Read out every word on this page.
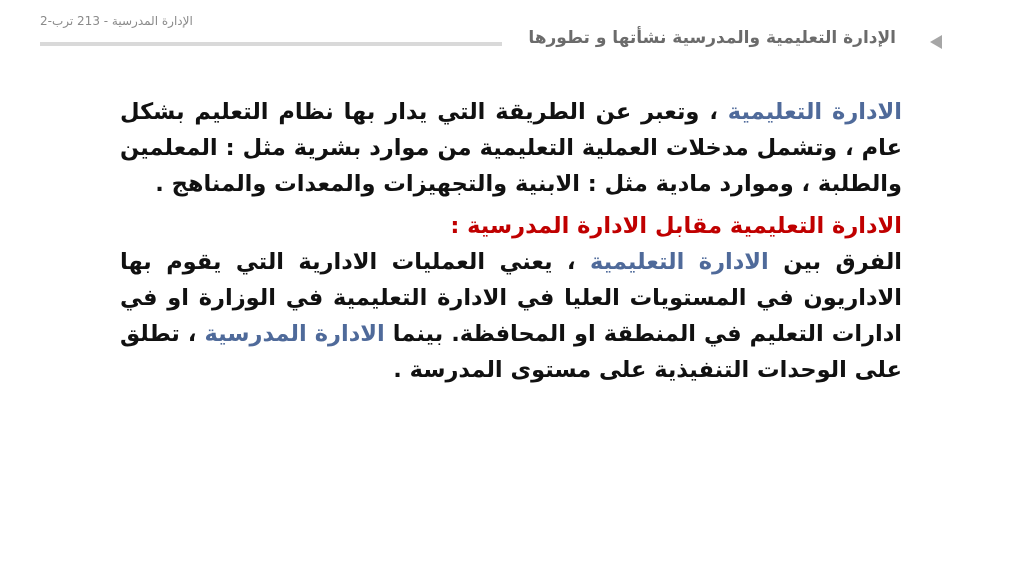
الإدارة المدرسية - 213 ترب-2
الإدارة التعليمية والمدرسية نشأتها و تطورها

الادارة التعليمية ، وتعبر عن الطريقة التي يدار بها نظام التعليم بشكل عام ، وتشمل مدخلات العملية التعليمية من موارد بشرية مثل : المعلمين والطلبة ، وموارد مادية مثل : الابنية والتجهيزات والمعدات والمناهج .

الادارة التعليمية مقابل الادارة المدرسية :

الفرق بين الادارة التعليمية ، يعني العمليات الادارية التي يقوم بها الاداريون في المستويات العليا في الادارة التعليمية في الوزارة او في ادارات التعليم في المنطقة او المحافظة. بينما الادارة المدرسية ، تطلق على الوحدات التنفيذية على مستوى المدرسة .
